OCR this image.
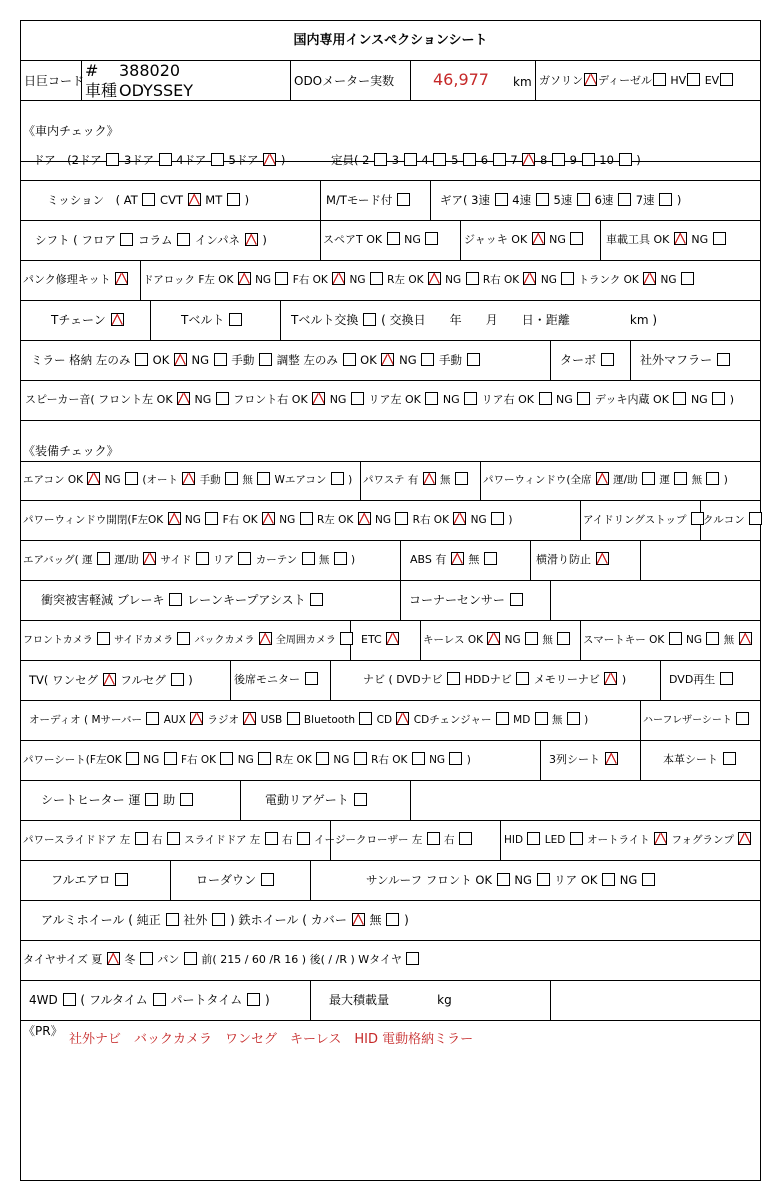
国内専用インスペクションシート
日巨コード
# 388020
車種 ODYSSEY	ODOメーター実数 46,977 km ガソリン ディーゼル HV EV
《車内チェック》
ドア　 (2ドア 3ドア 4ドア 5ドア )	定員( 2 3 4 5 6 7 8 9 10 )
ミッション　 ( AT CVT MT )	M/Tモード付	ギア( 3速 4速 5速 6速 7速 )
シフト ( フロア コラム インパネ )	スペアT OK NG	ジャッキ OK NG	車載工具 OK NG
パンク修理キット	ドアロック F左 OK NG F右 OK NG R左 OK NG R右 OK NG トランク OK NG
Tチェーン	Tベルト	Tベルト交換 ( 交換日　　 年　　 月　　 日・距離　　　　　	km )
ミラー 格納 左のみ OK NG 手動 調整 左のみ OK NG 手動	ターボ	社外マフラー
スピーカー音( フロント左 OK NG フロント右 OK NG リア左 OK NG リア右 OK NG デッキ内蔵 OK NG )
《装備チェック》
エアコン OK NG (オート 手動 無 Wエアコン ) パワステ 有 無	パワーウィンドウ(全席 運/助 運 無 )
パワーウィンドウ開閉(F左OK NG F右 OK NG R左 OK NG R右 OK NG )	アイドリングストップ	クルコン
エアバッグ( 運 運/助 サイド リア カーテン 無 )	ABS 有 無	横滑り防止
衝突被害軽減 ブレーキ レーンキープアシスト	コーナーセンサー
フロントカメラ サイドカメラ バックカメラ 全周囲カメラ	ETC	キーレス OK NG 無	スマートキー OK NG 無
TV( ワンセグ フルセグ )	後席モニター	ナビ ( DVDナビ HDDナビ メモリーナビ )	DVD再生
オーディオ ( Mサーバー AUX ラジオ USB Bluetooth CD CDチェンジャー MD 無 )	ハーフレザーシート
パワーシート(F左OK NG F右 OK NG R左 OK NG R右 OK NG )	3列シート	本革シート
シートヒーター 運 助	電動リアゲート
パワースライドドア 左 右 スライドドア 左 右 イージークローザー 左 右	HID LED オートライト フォグランプ
フルエアロ	ローダウン	サンルーフ フロント OK NG リア OK NG
アルミホイール ( 純正 社外 ) 鉄ホイール ( カバー 無 )
タイヤサイズ 夏 冬 パン 前( 215 / 60 /R 16 ) 後( / /R ) Wタイヤ
4WD ( フルタイム パートタイム )	最大積載量　　　　	kg
《PR》
社外ナビ　バックカメラ　ワンセグ　キーレス　HID 電動格納ミラー
